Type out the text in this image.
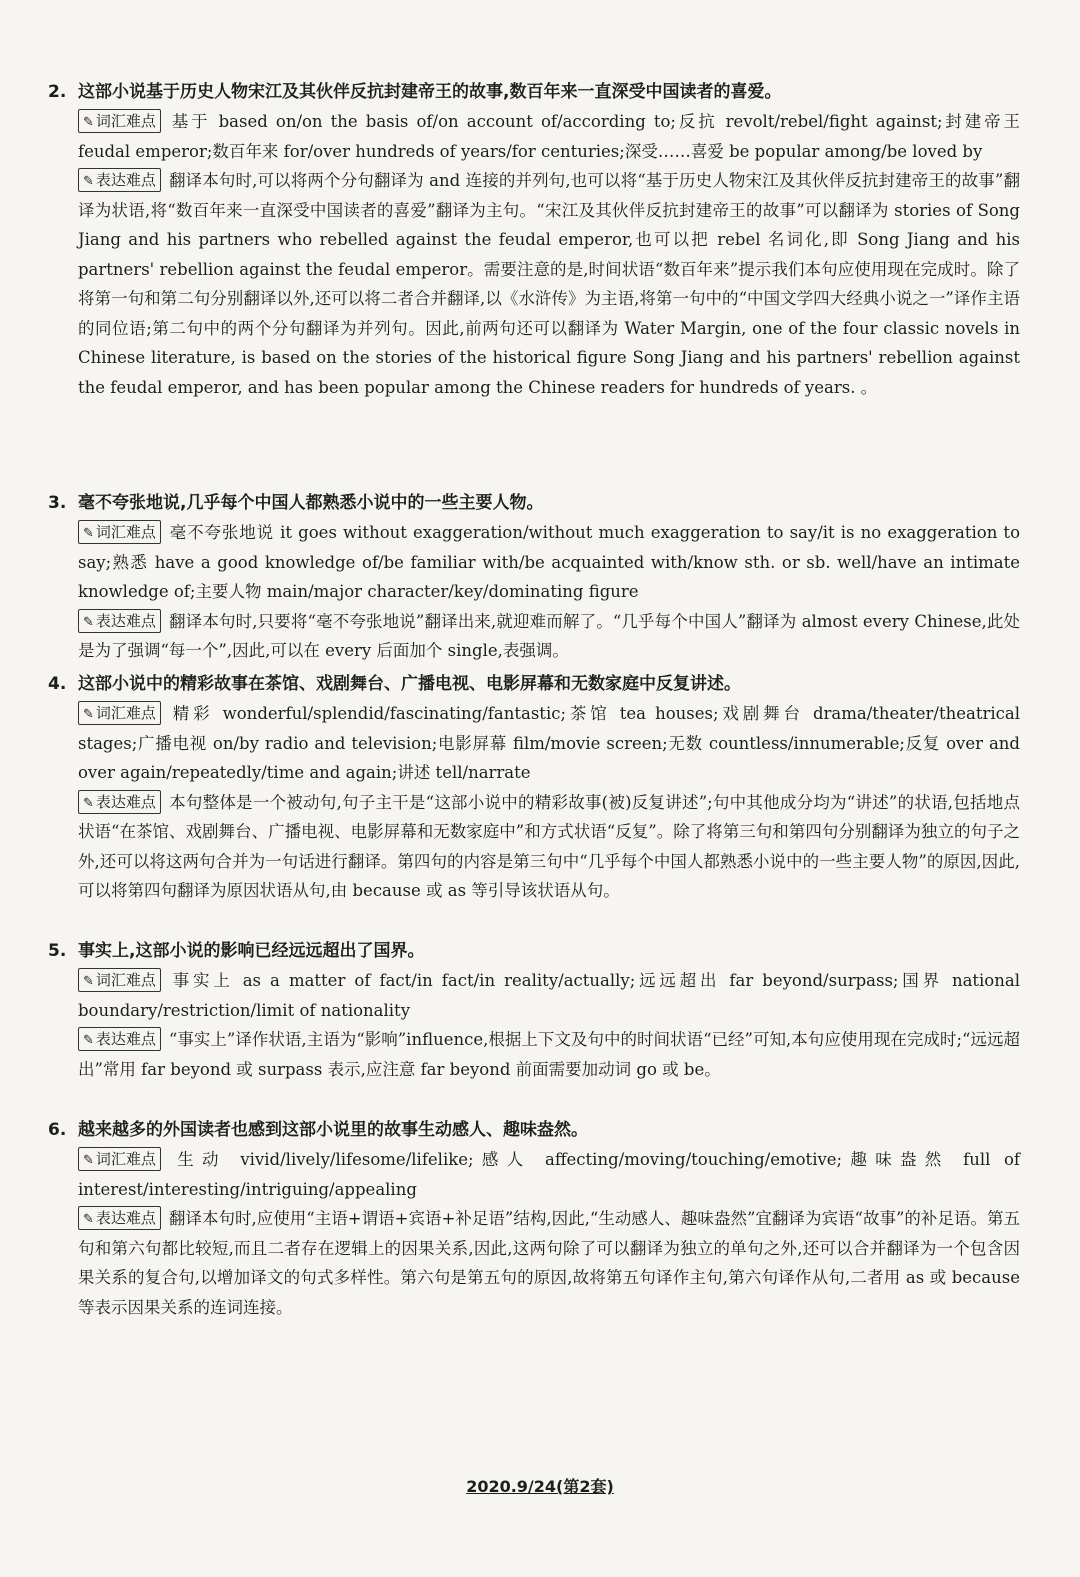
2. 这部小说基于历史人物宋江及其伙伴反抗封建帝王的故事,数百年来一直深受中国读者的喜爱。

✎ 词汇难点 基于 based on/on the basis of/on account of/according to;反抗 revolt/rebel/fight against;封建帝王 feudal emperor;数百年来 for/over hundreds of years/for centuries;深受……喜爱 be popular among/be loved by

✎ 表达难点 翻译本句时,可以将两个分句翻译为 and 连接的并列句,也可以将“基于历史人物宋江及其伙伴反抗封建帝王的故事”翻译为状语,将“数百年来一直深受中国读者的喜爱”翻译为主句。“宋江及其伙伴反抗封建帝王的故事”可以翻译为 stories of Song Jiang and his partners who rebelled against the feudal emperor,也可以把 rebel 名词化,即 Song Jiang and his partners' rebellion against the feudal emperor。需要注意的是,时间状语“数百年来”提示我们本句应使用现在完成时。除了将第一句和第二句分别翻译以外,还可以将二者合并翻译,以《水浒传》为主语,将第一句中的“中国文学四大经典小说之一”译作主语的同位语;第二句中的两个分句翻译为并列句。因此,前两句还可以翻译为 Water Margin, one of the four classic novels in Chinese literature, is based on the stories of the historical figure Song Jiang and his partners' rebellion against the feudal emperor, and has been popular among the Chinese readers for hundreds of years. 。

3. 毫不夸张地说,几乎每个中国人都熟悉小说中的一些主要人物。

✎ 词汇难点 毫不夸张地说 it goes without exaggeration/without much exaggeration to say/it is no exaggeration to say;熟悉 have a good knowledge of/be familiar with/be acquainted with/know sth. or sb. well/have an intimate knowledge of;主要人物 main/major character/key/dominating figure

✎ 表达难点 翻译本句时,只要将“毫不夸张地说”翻译出来,就迎难而解了。“几乎每个中国人”翻译为 almost every Chinese,此处是为了强调“每一个”,因此,可以在 every 后面加个 single,表强调。

4. 这部小说中的精彩故事在茶馆、戏剧舞台、广播电视、电影屏幕和无数家庭中反复讲述。

✎ 词汇难点 精彩 wonderful/splendid/fascinating/fantastic;茶馆 tea houses;戏剧舞台 drama/theater/theatrical stages;广播电视 on/by radio and television;电影屏幕 film/movie screen;无数 countless/innumerable;反复 over and over again/repeatedly/time and again;讲述 tell/narrate

✎ 表达难点 本句整体是一个被动句,句子主干是“这部小说中的精彩故事(被)反复讲述”;句中其他成分均为“讲述”的状语,包括地点状语“在茶馆、戏剧舞台、广播电视、电影屏幕和无数家庭中”和方式状语“反复”。除了将第三句和第四句分别翻译为独立的句子之外,还可以将这两句合并为一句话进行翻译。第四句的内容是第三句中“几乎每个中国人都熟悉小说中的一些主要人物”的原因,因此,可以将第四句翻译为原因状语从句,由 because 或 as 等引导该状语从句。

5. 事实上,这部小说的影响已经远远超出了国界。

✎ 词汇难点 事实上 as a matter of fact/in fact/in reality/actually;远远超出 far beyond/surpass;国界 national boundary/restriction/limit of nationality

✎ 表达难点 “事实上”译作状语,主语为“影响”influence,根据上下文及句中的时间状语“已经”可知,本句应使用现在完成时;“远远超出”常用 far beyond 或 surpass 表示,应注意 far beyond 前面需要加动词 go 或 be。

6. 越来越多的外国读者也感到这部小说里的故事生动感人、趣味盎然。

✎ 词汇难点 生动 vivid/lively/lifesome/lifelike;感人 affecting/moving/touching/emotive;趣味盎然 full of interest/interesting/intriguing/appealing

✎ 表达难点 翻译本句时,应使用“主语+谓语+宾语+补足语”结构,因此,“生动感人、趣味盎然”宜翻译为宾语“故事”的补足语。第五句和第六句都比较短,而且二者存在逻辑上的因果关系,因此,这两句除了可以翻译为独立的单句之外,还可以合并翻译为一个包含因果关系的复合句,以增加译文的句式多样性。第六句是第五句的原因,故将第五句译作主句,第六句译作从句,二者用 as 或 because 等表示因果关系的连词连接。

2020.9/24(第2套)
